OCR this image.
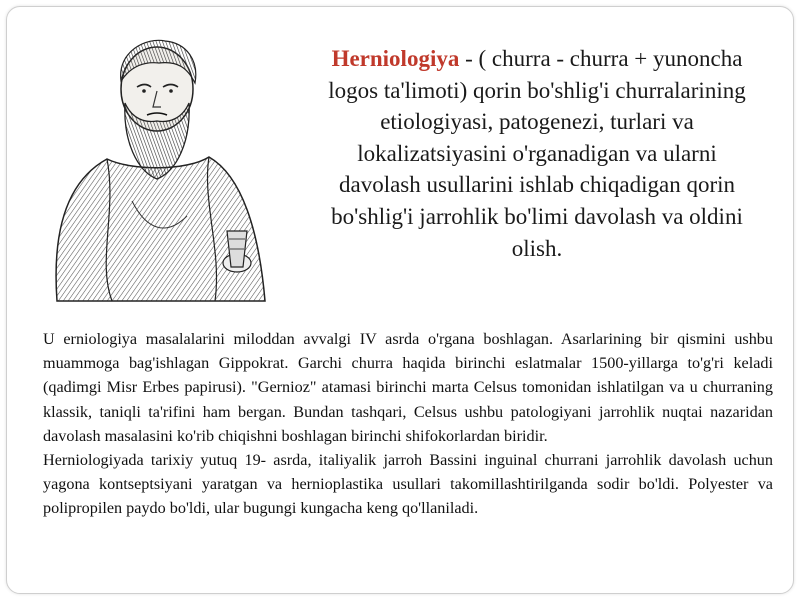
Herniologiya - ( churra - churra + yunoncha logos ta'limoti) qorin bo'shlig'i churralarining etiologiyasi, patogenezi, turlari va lokalizatsiyasini o'rganadigan va ularni davolash usullarini ishlab chiqadigan qorin bo'shlig'i jarrohlik bo'limi davolash va oldini olish.

U erniologiya masalalarini miloddan avvalgi IV asrda o'rgana boshlagan. Asarlarining bir qismini ushbu muammoga bag'ishlagan Gippokrat. Garchi churra haqida birinchi eslatmalar 1500-yillarga to'g'ri keladi (qadimgi Misr Erbes papirusi). "Gernioz" atamasi birinchi marta Celsus tomonidan ishlatilgan va u churraning klassik, taniqli ta'rifini ham bergan. Bundan tashqari, Celsus ushbu patologiyani jarrohlik nuqtai nazaridan davolash masalasini ko'rib chiqishni boshlagan birinchi shifokorlardan biridir.

Herniologiyada tarixiy yutuq 19- asrda, italiyalik jarroh Bassini inguinal churrani jarrohlik davolash uchun yagona kontseptsiyani yaratgan va hernioplastika usullari takomillashtirilganda sodir bo'ldi. Polyester va polipropilen paydo bo'ldi, ular bugungi kungacha keng qo'llaniladi.
